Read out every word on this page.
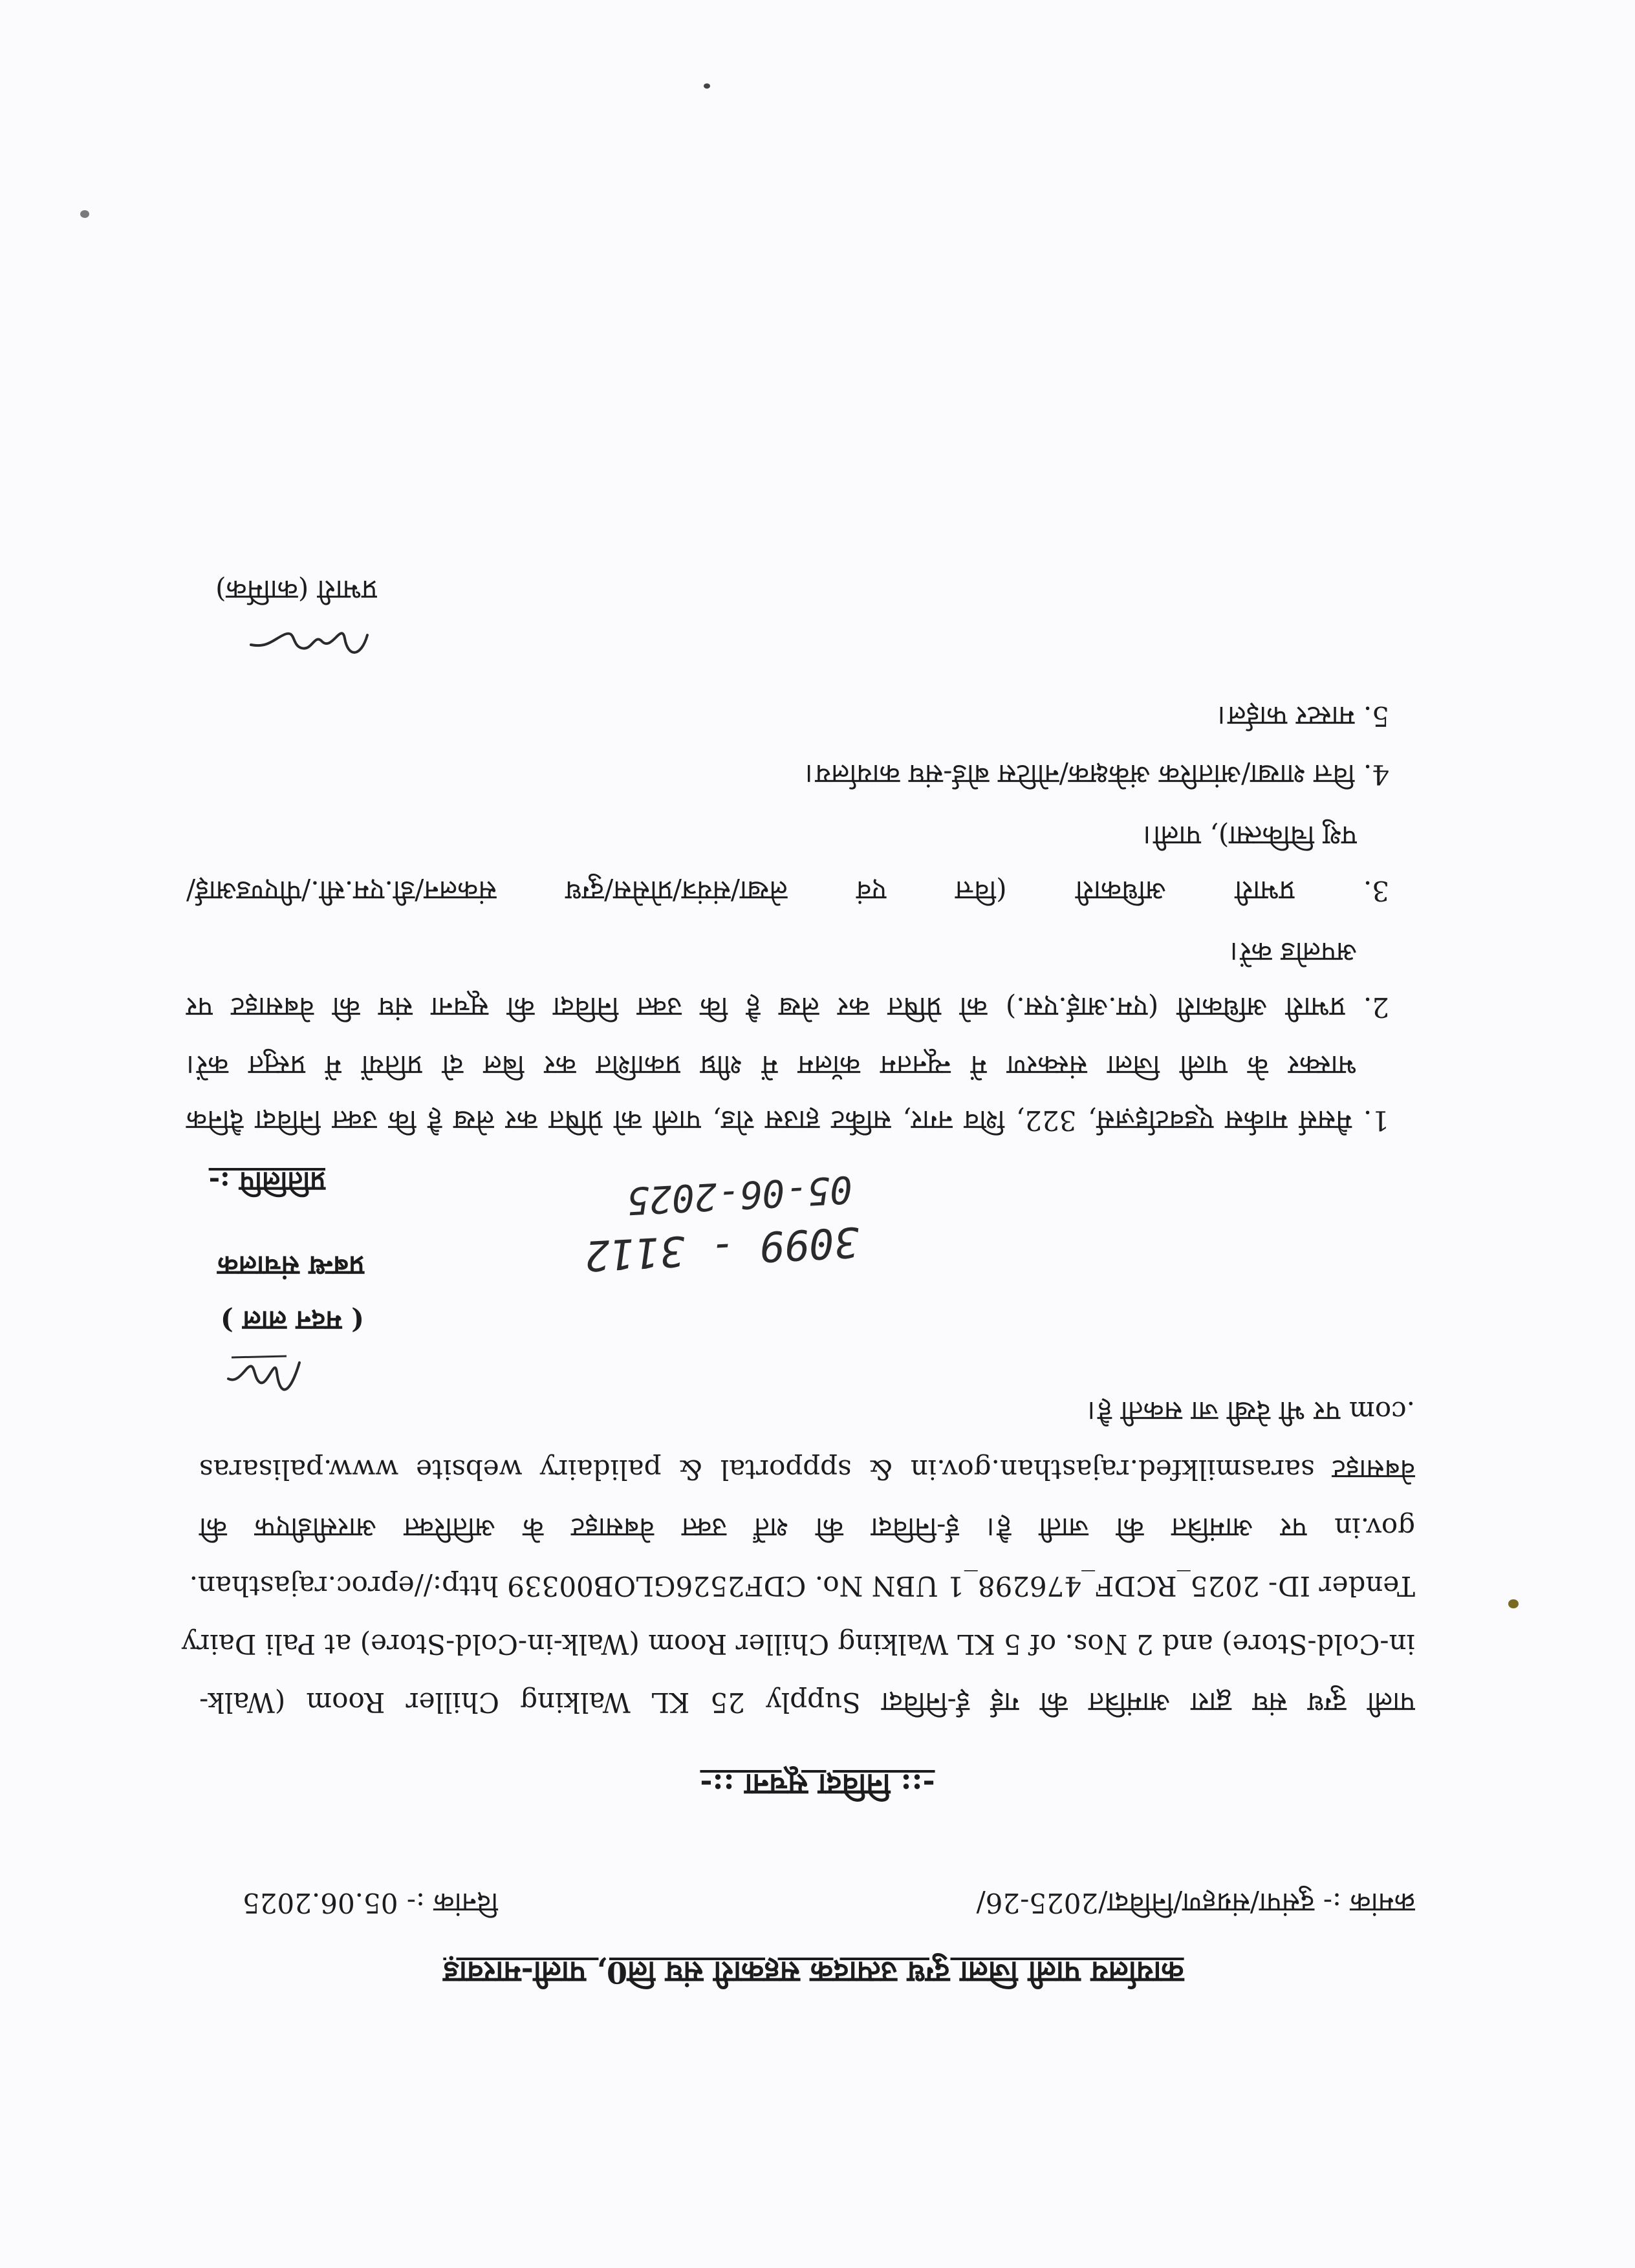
कार्यालय पाली जिला दुग्ध उत्पादक सहकारी संघ लि0, पाली-मारवाड़
क्रमांक :- दुसंपा/संग्रहण/निविदा/2025-26/
दिनांक :- 05.06.2025
-:: निविदा सूचना ::-
पाली दुग्ध संघ द्वारा आमंत्रित की गई ई-निविदा Supply 25 KL Walking Chiller Room (Walk-
in-Cold-Store) and 2 Nos. of 5 KL Walking Chiller Room (Walk-in-Cold-Store) at Pali Dairy
Tender ID- 2025_RCDF_476298_1 UBN No. CDF2526GLOB00339 http://eproc.rajasthan.
gov.in पर आमंत्रित की जाती है। ई-निविदा की शर्तें उक्त वेबसाइट के अतिरिक्त आरसीडीएफ की
वेबसाइट sarasmilkfed.rajasthan.gov.in & sppportal & palidairy website www.palisaras
.com पर भी देखी जा सकती है।
( मदन लाल )
प्रबन्ध संचालक	3099 - 3112
05-06-2025
प्रतिलिपि :-
1. मैसर्स मार्कस ए्डवर्टाइज़र्स, 322, शिव नगर, सर्किट हाउस रोड, पाली को प्रेषित कर लेख है कि उक्त निविदा दैनिक
भास्कर के पाली जिला संस्करण में न्यूनतम कॉलम में शीघ्र प्रकाशित कर बिल दो प्रतियों में प्रस्तुत करें।
2. प्रभारी अधिकारी (एम.आई.एस.) को प्रेषित कर लेख है कि उक्त निविदा की सूचना संघ की वेबसाइट पर
अपलोड करें।
3. प्रभारी अधिकारी (वित्त एवं लेखा/संयंत्र/प्रोसेस/दुग्ध संकलन/डी.एम.सी./पीएण्डआई/
पशु चिकित्सा), पाली।
4. वित्त शाखा/आंतरिक अंकेक्षक/नोटिस बोर्ड-संघ कार्यालय।
5. मास्टर फाईल।
प्रभारी (कार्मिक)
